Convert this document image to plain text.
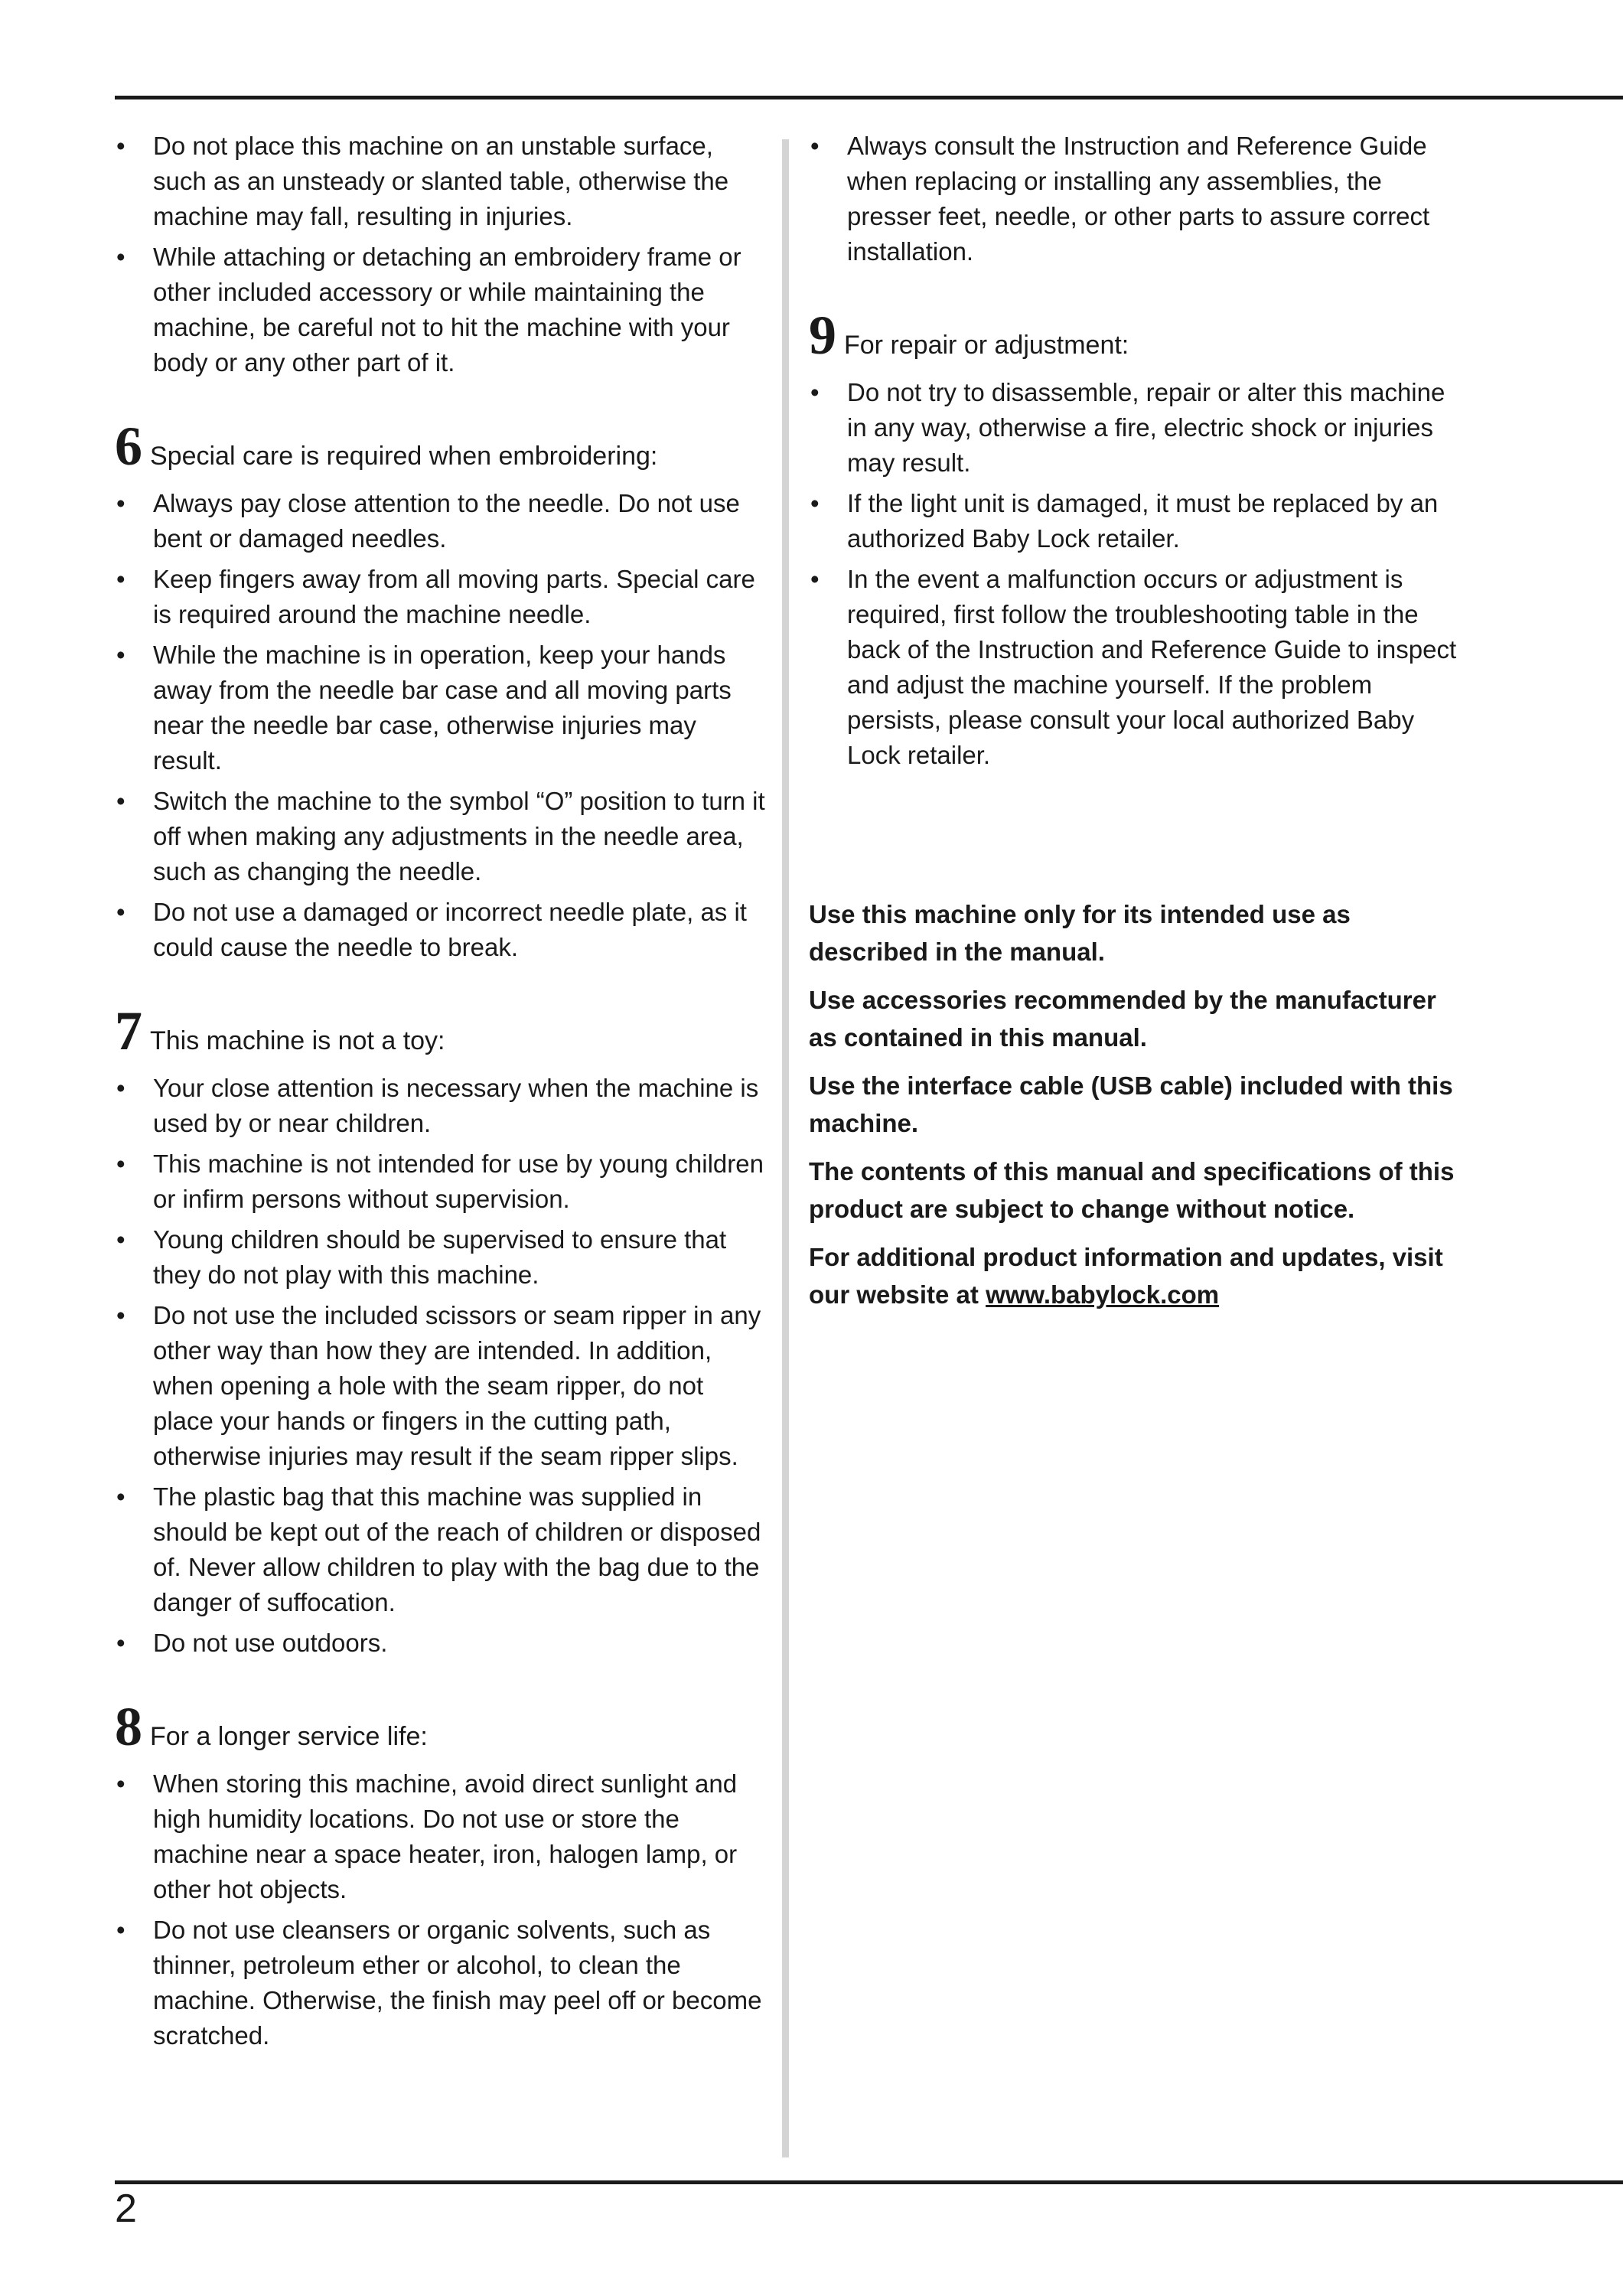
• Do not place this machine on an unstable surface, such as an unsteady or slanted table, otherwise the machine may fall, resulting in injuries.
• While attaching or detaching an embroidery frame or other included accessory or while maintaining the machine, be careful not to hit the machine with your body or any other part of it.
6 Special care is required when embroidering:
• Always pay close attention to the needle. Do not use bent or damaged needles.
• Keep fingers away from all moving parts. Special care is required around the machine needle.
• While the machine is in operation, keep your hands away from the needle bar case and all moving parts near the needle bar case, otherwise injuries may result.
• Switch the machine to the symbol “O” position to turn it off when making any adjustments in the needle area, such as changing the needle.
• Do not use a damaged or incorrect needle plate, as it could cause the needle to break.
7 This machine is not a toy:
• Your close attention is necessary when the machine is used by or near children.
• This machine is not intended for use by young children or infirm persons without supervision.
• Young children should be supervised to ensure that they do not play with this machine.
• Do not use the included scissors or seam ripper in any other way than how they are intended. In addition, when opening a hole with the seam ripper, do not place your hands or fingers in the cutting path, otherwise injuries may result if the seam ripper slips.
• The plastic bag that this machine was supplied in should be kept out of the reach of children or disposed of. Never allow children to play with the bag due to the danger of suffocation.
• Do not use outdoors.
8 For a longer service life:
• When storing this machine, avoid direct sunlight and high humidity locations. Do not use or store the machine near a space heater, iron, halogen lamp, or other hot objects.
• Do not use cleansers or organic solvents, such as thinner, petroleum ether or alcohol, to clean the machine. Otherwise, the finish may peel off or become scratched.
• Always consult the Instruction and Reference Guide when replacing or installing any assemblies, the presser feet, needle, or other parts to assure correct installation.
9 For repair or adjustment:
• Do not try to disassemble, repair or alter this machine in any way, otherwise a fire, electric shock or injuries may result.
• If the light unit is damaged, it must be replaced by an authorized Baby Lock retailer.
• In the event a malfunction occurs or adjustment is required, first follow the troubleshooting table in the back of the Instruction and Reference Guide to inspect and adjust the machine yourself. If the problem persists, please consult your local authorized Baby Lock retailer.

Use this machine only for its intended use as described in the manual.

Use accessories recommended by the manufacturer as contained in this manual.

Use the interface cable (USB cable) included with this machine.

The contents of this manual and specifications of this product are subject to change without notice.

For additional product information and updates, visit our website at www.babylock.com

2
